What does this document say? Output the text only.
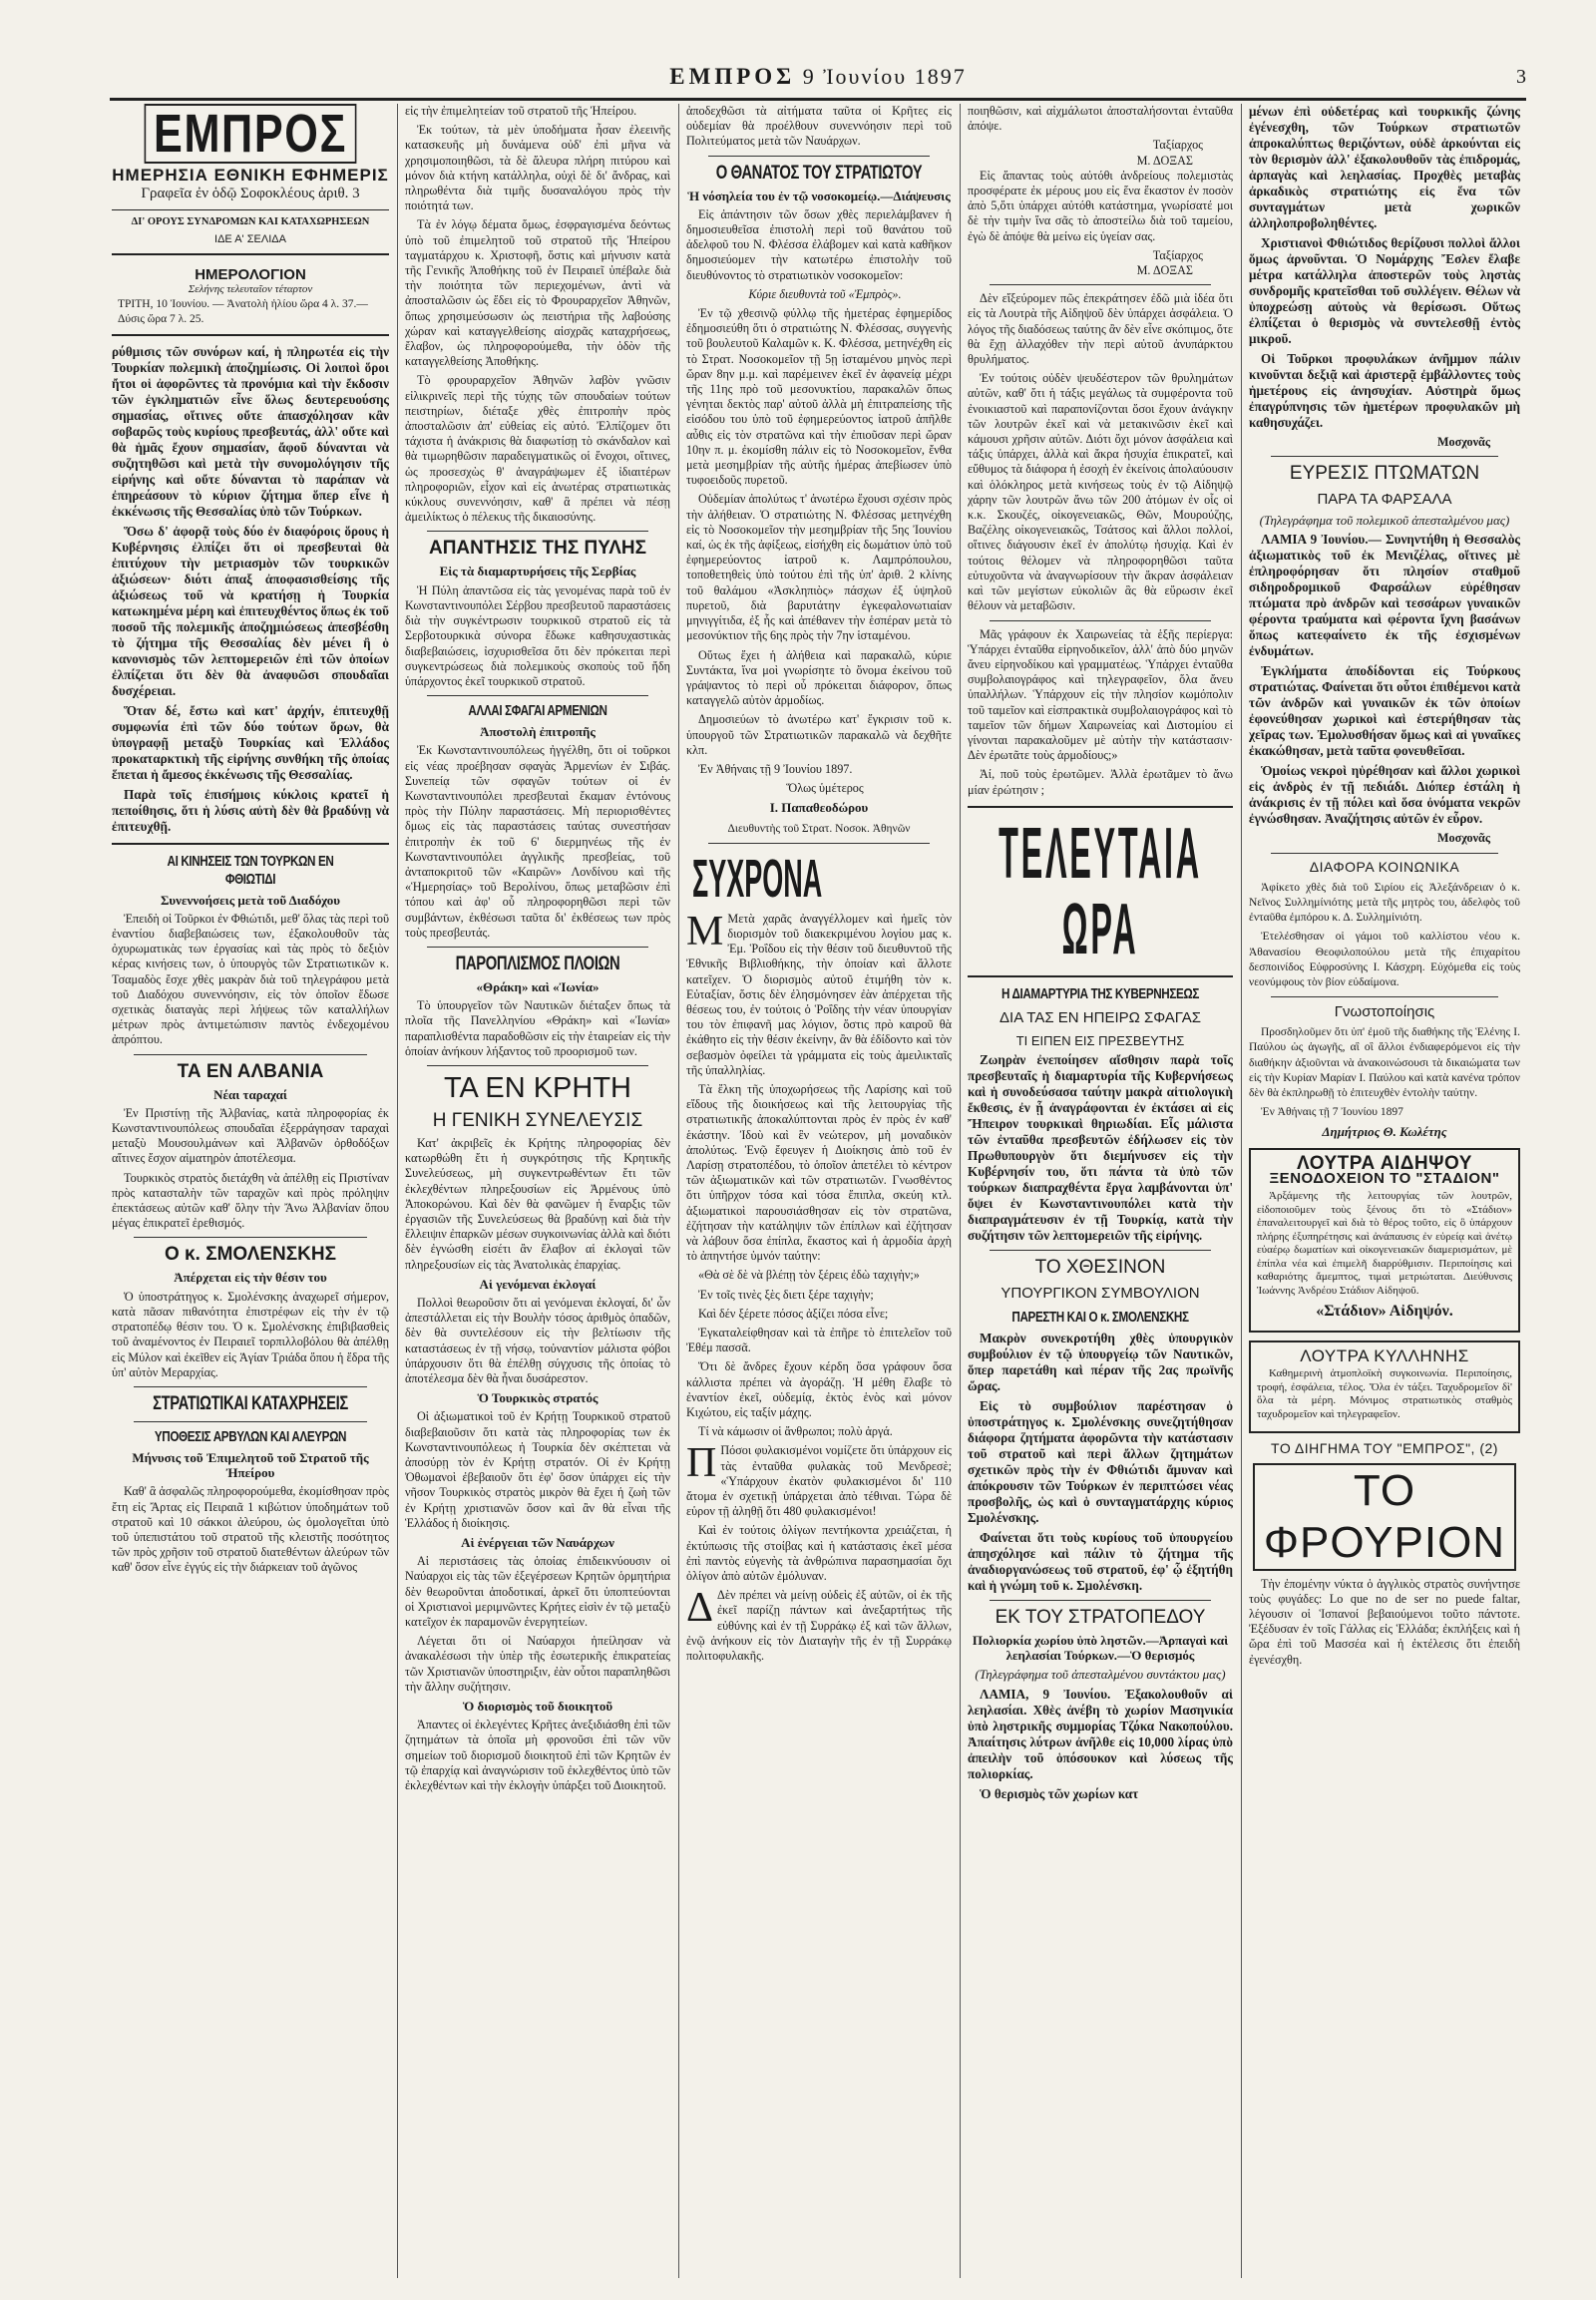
ΕΜΠΡΟΣ 9 Ἰουνίου 1897	3
ΕΜΠΡΟΣ
ΗΜΕΡΗΣΙΑ ΕΘΝΙΚΗ ΕΦΗΜΕΡΙΣ
Γραφεῖα ἐν ὁδῷ Σοφοκλέους ἀριθ. 3
ΔΙ' ΟΡΟΥΣ ΣΥΝΔΡΟΜΩΝ ΚΑΙ ΚΑΤΑΧΩΡΗΣΕΩΝ
ΙΔΕ Α' ΣΕΛΙΔΑ
ΗΜΕΡΟΛΟΓΙΟΝ
Σελήνης τελευταῖον τέταρτον
ΤΡΙΤΗ, 10 Ἰουνίου. — Ἀνατολὴ ἡλίου ὥρα 4 λ. 37.— Δύσις ὥρα 7 λ. 25.

ρύθμισις τῶν συνόρων καί, ἡ πληρωτέα εἰς τὴν Τουρκίαν πολεμικὴ ἀποζημίωσις. Οἱ λοιποὶ ὅροι ἤτοι οἱ ἀφορῶντες τὰ προνόμια καὶ τὴν ἔκδοσιν τῶν ἐγκληματιῶν εἶνε ὅλως δευτερευούσης σημασίας, οἵτινες οὔτε ἀπασχόλησαν κἂν σοβαρῶς τοὺς κυρίους πρεσβευτάς, ἀλλ' οὔτε καὶ θὰ ἡμᾶς ἔχουν σημασίαν, ἄφοῦ δύνανται νὰ συζητηθῶσι καὶ μετὰ τὴν συνομολόγησιν τῆς εἰρήνης καὶ οὔτε δύνανται τὸ παράπαν νὰ ἐπηρεάσουν τὸ κύριον ζήτημα ὅπερ εἶνε ἡ ἐκκένωσις τῆς Θεσσαλίας ὑπὸ τῶν Τούρκων.

Ὅσω δ' ἀφορᾷ τοὺς δύο ἐν διαφόροις ὅρους ἡ Κυβέρνησις ἐλπίζει ὅτι οἱ πρεσβευταὶ θὰ ἐπιτύχουν τὴν μετριασμὸν τῶν τουρκικῶν ἀξιώσεων· διότι ἀπαξ ἀποφασισθείσης τῆς ἀξιώσεως τοῦ νὰ κρατήσῃ ἡ Τουρκία κατωκημένα μέρη καὶ ἐπιτευχθέντος ὅπως ἐκ τοῦ ποσοῦ τῆς πολεμικῆς ἀποζημιώσεως ἀπεσβέσθη τὸ ζήτημα τῆς Θεσσαλίας δὲν μένει ἢ ὁ κανονισμὸς τῶν λεπτομερειῶν ἐπὶ τῶν ὁποίων ἐλπίζεται ὅτι δὲν θὰ ἀναφυῶσι σπουδαῖαι δυσχέρειαι.

Ὅταν δέ, ἔστω καὶ κατ' ἀρχήν, ἐπιτευχθῇ συμφωνία ἐπὶ τῶν δύο τούτων ὅρων, θὰ ὑπογραφῇ μεταξὺ Τουρκίας καὶ Ἑλλάδος προκαταρκτικὴ τῆς εἰρήνης συνθήκη τῆς ὁποίας ἕπεται ἡ ἄμεσος ἐκκένωσις τῆς Θεσσαλίας.

Παρὰ τοῖς ἐπισήμοις κύκλοις κρατεῖ ἡ πεποίθησις, ὅτι ἡ λύσις αὐτὴ δὲν θὰ βραδύνῃ νὰ ἐπιτευχθῇ.

ΑΙ ΚΙΝΗΣΕΙΣ ΤΩΝ ΤΟΥΡΚΩΝ ΕΝ ΦΘΙΩΤΙΔΙ
Συνεννοήσεις μετὰ τοῦ Διαδόχου

Ἐπειδὴ οἱ Τοῦρκοι ἐν Φθιώτιδι, μεθ' ὅλας τὰς περὶ τοῦ ἐναντίου διαβεβαιώσεις των, ἐξακολουθοῦν τὰς ὀχυρωματικὰς των ἐργασίας καὶ τὰς πρὸς τὸ δεξιὸν κέρας κινήσεις των, ὁ ὑπουργὸς τῶν Στρατιωτικῶν κ. Τσαμαδὸς ἔσχε χθὲς μακρὰν διὰ τοῦ τηλεγράφου μετὰ τοῦ Διαδόχου συνεννόησιν, εἰς τὸν ὁποῖον ἔδωσε σχετικὰς διαταγὰς περὶ λήψεως τῶν καταλλήλων μέτρων πρὸς ἀντιμετώπισιν παντὸς ἐνδεχομένου ἀπρόπτου.

ΤΑ ΕΝ ΑΛΒΑΝΙΑ
Νέαι ταραχαί

Ἐν Πριστίνῃ τῆς Ἀλβανίας, κατὰ πληροφορίας ἐκ Κωνσταντινουπόλεως σπουδαῖαι ἐξερράγησαν ταραχαὶ μεταξὺ Μουσουλμάνων καὶ Ἀλβανῶν ὀρθοδόξων αἵτινες ἔσχον αἱματηρὸν ἀποτέλεσμα.

Τουρκικὸς στρατὸς διετάχθη νὰ ἀπέλθῃ εἰς Πριστίναν πρὸς κατασταλὴν τῶν ταραχῶν καὶ πρὸς πρόληψιν ἐπεκτάσεως αὐτῶν καθ' ὅλην τὴν Ἄνω Ἀλβανίαν ὅπου μέγας ἐπικρατεῖ ἐρεθισμός.

Ο κ. ΣΜΟΛΕΝΣΚΗΣ
Ἀπέρχεται εἰς τὴν θέσιν του

Ὁ ὑποστράτηγος κ. Σμολένσκης ἀναχωρεῖ σήμερον, κατὰ πᾶσαν πιθανότητα ἐπιστρέφων εἰς τὴν ἐν τῷ στρατοπέδῳ θέσιν του. Ὁ κ. Σμολένσκης ἐπιβιβασθεὶς τοῦ ἀναμένοντος ἐν Πειραιεῖ τορπιλλοβόλου θὰ ἀπέλθῃ εἰς Μύλον καὶ ἐκεῖθεν εἰς Ἁγίαν Τριάδα ὅπου ἡ ἕδρα τῆς ὑπ' αὐτὸν Μεραρχίας.

ΣΤΡΑΤΙΩΤΙΚΑΙ ΚΑΤΑΧΡΗΣΕΙΣ
ΥΠΟΘΕΣΙΣ ΑΡΒΥΛΩΝ ΚΑΙ ΑΛΕΥΡΩΝ
Μήνυσις τοῦ Ἐπιμελητοῦ τοῦ Στρατοῦ τῆς Ἠπείρου

Καθ' ἃ ἀσφαλῶς πληροφορούμεθα, ἐκομίσθησαν πρὸς ἔτη εἰς Ἄρτας εἰς Πειραιᾶ 1 κιβώτιον ὑποδημάτων τοῦ στρατοῦ καὶ 10 σάκκοι ἀλεύρου, ὡς ὁμολογεῖται ὑπὸ τοῦ ὑπεπιστάτου τοῦ στρατοῦ τῆς κλειστῆς ποσότητος τῶν πρὸς χρῆσιν τοῦ στρατοῦ διατεθέντων ἀλεύρων τῶν καθ' ὅσον εἶνε ἐγγύς εἰς τὴν διάρκειαν τοῦ ἀγῶνος

εἰς τὴν ἐπιμελητείαν τοῦ στρατοῦ τῆς Ἠπείρου.

Ἐκ τούτων, τὰ μὲν ὑποδήματα ἦσαν ἐλεεινῆς κατασκευῆς μὴ δυνάμενα οὐδ' ἐπὶ μῆνα νὰ χρησιμοποιηθῶσι, τὰ δὲ ἄλευρα πλήρη πιτύρου καὶ μόνον διὰ κτήνη κατάλληλα, οὐχὶ δὲ δι' ἄνδρας, καὶ πληρωθέντα διὰ τιμῆς δυσαναλόγου πρὸς τὴν ποιότητά των.

Τὰ ἐν λόγῳ δέματα ὅμως, ἐσφραγισμένα δεόντως ὑπὸ τοῦ ἐπιμελητοῦ τοῦ στρατοῦ τῆς Ἠπείρου ταγματάρχου κ. Χριστοφῆ, ὅστις καὶ μήνυσιν κατὰ τῆς Γενικῆς Ἀποθήκης τοῦ ἐν Πειραιεῖ ὑπέβαλε διὰ τὴν ποιότητα τῶν περιεχομένων, ἀντὶ νὰ ἀποσταλῶσιν ὡς ἔδει εἰς τὸ Φρουραρχεῖον Ἀθηνῶν, ὅπως χρησιμεύσωσιν ὡς πειστήρια τῆς λαβούσης χώραν καὶ καταγγελθείσης αἰσχρᾶς καταχρήσεως, ἔλαβον, ὡς πληροφορούμεθα, τὴν ὁδὸν τῆς καταγγελθείσης Ἀποθήκης.

Τὸ φρουραρχεῖον Ἀθηνῶν λαβὸν γνῶσιν εἰλικρινεῖς περὶ τῆς τύχης τῶν σπουδαίων τούτων πειστηρίων, διέταξε χθὲς ἐπιτροπὴν πρὸς ἀποσταλῶσιν ἀπ' εὐθείας εἰς αὐτό. Ἐλπίζομεν ὅτι τάχιστα ἡ ἀνάκρισις θὰ διαφωτίσῃ τὸ σκάνδαλον καὶ θὰ τιμωρηθῶσιν παραδειγματικῶς οἱ ἔνοχοι, οἵτινες, ὡς προσεσχὼς θ' ἀναγράψωμεν ἐξ ἰδιαιτέρων πληροφοριῶν, εἶχον καὶ εἰς ἀνωτέρας στρατιωτικὰς κύκλους συνεννόησιν, καθ' ἃ πρέπει νὰ πέσῃ ἀμειλίκτως ὁ πέλεκυς τῆς δικαιοσύνης.

ΑΠΑΝΤΗΣΙΣ ΤΗΣ ΠΥΛΗΣ
Εἰς τὰ διαμαρτυρήσεις τῆς Σερβίας

Ἡ Πύλη ἀπαντῶσα εἰς τὰς γενομένας παρὰ τοῦ ἐν Κωνσταντινουπόλει Σέρβου πρεσβευτοῦ παραστάσεις διὰ τὴν συγκέντρωσιν τουρκικοῦ στρατοῦ εἰς τὰ Σερβοτουρκικὰ σύνορα ἔδωκε καθησυχαστικὰς διαβεβαιώσεις, ἰσχυρισθεῖσα ὅτι δὲν πρόκειται περὶ συγκεντρώσεως διὰ πολεμικοὺς σκοποὺς τοῦ ἤδη ὑπάρχοντος ἐκεῖ τουρκικοῦ στρατοῦ.

ΑΛΛΑΙ ΣΦΑΓΑΙ ΑΡΜΕΝΙΩΝ
Ἀποστολὴ ἐπιτροπῆς

Ἐκ Κωνσταντινουπόλεως ἠγγέλθη, ὅτι οἱ τοῦρκοι εἰς νέας προέβησαν σφαγὰς Ἀρμενίων ἐν Σιβάς. Συνεπείᾳ τῶν σφαγῶν τούτων οἱ ἐν Κωνσταντινουπόλει πρεσβευταὶ ἔκαμαν ἐντόνους πρὸς τὴν Πύλην παραστάσεις. Μὴ περιορισθέντες δμως εἰς τὰς παραστάσεις ταύτας συνεστήσαν ἐπιτροπὴν ἐκ τοῦ 6' διερμηνέως τῆς ἐν Κωνσταντινουπόλει ἀγγλικῆς πρεσβείας, τοῦ ἀνταποκριτοῦ τῶν «Καιρῶν» Λονδίνου καὶ τῆς «Ἡμερησίας» τοῦ Βερολίνου, ὅπως μεταβῶσιν ἐπὶ τόπου καὶ ἀφ' οὗ πληροφορηθῶσι περὶ τῶν συμβάντων, ἐκθέσωσι ταῦτα δι' ἐκθέσεως των πρὸς τοὺς πρεσβευτάς.

ΠΑΡΟΠΛΙΣΜΟΣ ΠΛΟΙΩΝ
«Θράκη» καὶ «Ἰωνία»

Τὸ ὑπουργεῖον τῶν Ναυτικῶν διέταξεν ὅπως τὰ πλοῖα τῆς Πανελληνίου «Θράκη» καὶ «Ἰωνία» παραπλισθέντα παραδοθῶσιν εἰς τὴν ἑταιρείαν εἰς τὴν ὁποίαν ἀνήκουν λήξαντος τοῦ προορισμοῦ των.

ΤΑ ΕΝ ΚΡΗΤΗ
Η ΓΕΝΙΚΗ ΣΥΝΕΛΕΥΣΙΣ

Κατ' ἀκριβεῖς ἐκ Κρήτης πληροφορίας δὲν κατωρθώθη ἔτι ἡ συγκρότησις τῆς Κρητικῆς Συνελεύσεως, μὴ συγκεντρωθέντων ἔτι τῶν ἐκλεχθέντων πληρεξουσίων εἰς Ἀρμένους ὑπὸ Ἀποκορώνου. Καὶ δὲν θὰ φανῶμεν ἡ ἔναρξις τῶν ἐργασιῶν τῆς Συνελεύσεως θὰ βραδύνῃ καὶ διὰ τὴν ἔλλειψιν ἐπαρκῶν μέσων συγκοινωνίας ἀλλὰ καὶ διότι δὲν ἐγνώσθη εἰσέτι ἂν ἔλαβον αἱ ἐκλογαὶ τῶν πληρεξουσίων εἰς τὰς Ἀνατολικὰς ἐπαρχίας.

Αἱ γενόμεναι ἐκλογαί

Πολλοὶ θεωροῦσιν ὅτι αἱ γενόμεναι ἐκλογαί, δι' ὧν ἀπεστάλλεται εἰς τὴν Βουλὴν τόσος ἀριθμὸς ὀπαδῶν, δὲν θὰ συντελέσουν εἰς τὴν βελτίωσιν τῆς καταστάσεως ἐν τῇ νήσῳ, τοὐναντίον μάλιστα φόβοι ὑπάρχουσιν ὅτι θὰ ἐπέλθῃ σύγχυσις τῆς ὁποίας τὸ ἀποτέλεσμα δὲν θὰ ἦναι δυσάρεστον.

Ὁ Τουρκικὸς στρατός

Οἱ ἀξιωματικοὶ τοῦ ἐν Κρήτῃ Τουρκικοῦ στρατοῦ διαβεβαιοῦσιν ὅτι κατὰ τὰς πληροφορίας των ἐκ Κωνσταντινουπόλεως ἡ Τουρκία δὲν σκέπτεται νὰ ἀποσύρῃ τὸν ἐν Κρήτῃ στρατόν. Οἱ ἐν Κρήτῃ Ὀθωμανοὶ ἐβεβαιοῦν ὅτι ἐφ' ὅσον ὑπάρχει εἰς τὴν νῆσον Τουρκικὸς στρατὸς μικρὸν θὰ ἔχει ἡ ζωὴ τῶν ἐν Κρήτῃ χριστιανῶν ὅσον καὶ ἂν θὰ εἶναι τῆς Ἑλλάδος ἡ διοίκησις.

Αἱ ἐνέργειαι τῶν Ναυάρχων

Αἱ περιστάσεις τὰς ὁποίας ἐπιδεικνύουσιν οἱ Ναύαρχοι εἰς τὰς τῶν ἐξεγέρσεων Κρητῶν ὁρμητήρια δὲν θεωροῦνται ἀποδοτικαί, ἀρκεῖ ὅτι ὑποπτεύονται οἱ Χριστιανοὶ μεριμνῶντες Κρήτες εἰσὶν ἐν τῷ μεταξὺ κατεῖχον ἐκ παραμονῶν ἐνεργητείων.

Λέγεται ὅτι οἱ Ναύαρχοι ἠπείλησαν νὰ ἀνακαλέσωσι τὴν ὑπὲρ τῆς ἐσωτερικῆς ἐπικρατείας τῶν Χριστιανῶν ὑποστηριξιν, ἐὰν οὗτοι παραπληθῶσι τὴν ἄλλην συζήτησιν.

Ὁ διορισμὸς τοῦ διοικητοῦ

Ἀπαντες οἱ ἐκλεγέντες Κρῆτες ἀνεξιδιάσθη ἐπὶ τῶν ζητημάτων τὰ ὁποῖα μὴ φρονοῦσι ἐπὶ τῶν νῦν σημείων τοῦ διορισμοῦ διοικητοῦ ἐπὶ τῶν Κρητῶν ἐν τῷ ἐπαρχίᾳ καὶ ἀναγνώρισιν τοῦ ἐκλεχθέντος ὑπὸ τῶν ἐκλεχθέντων καὶ τὴν ἐκλογὴν ὑπάρξει τοῦ Διοικητοῦ.

ἀποδεχθῶσι τὰ αἰτήματα ταῦτα οἱ Κρῆτες εἰς οὐδεμίαν θὰ προέλθουν συνεννόησιν περὶ τοῦ Πολιτεύματος μετὰ τῶν Ναυάρχων.

Ο ΘΑΝΑΤΟΣ ΤΟΥ ΣΤΡΑΤΙΩΤΟΥ
Ἡ νόσηλεία του ἐν τῷ νοσοκομείῳ.—Διάψευσις

Εἰς ἀπάντησιν τῶν ὅσων χθὲς περιελάμβανεν ἡ δημοσιευθεῖσα ἐπιστολὴ περὶ τοῦ θανάτου τοῦ ἀδελφοῦ του Ν. Φλέσσα ἐλάβομεν καὶ κατὰ καθῆκον δημοσιεύομεν τὴν κατωτέρω ἐπιστολὴν τοῦ διευθύνοντος τὸ στρατιωτικὸν νοσοκομεῖον:

Κύριε διευθυντὰ τοῦ «Ἐμπρὸς».

Ἐν τῷ χθεσινῷ φύλλῳ τῆς ἡμετέρας ἐφημερίδος ἐδημοσιεύθη ὅτι ὁ στρατιώτης Ν. Φλέσσας, συγγενὴς τοῦ βουλευτοῦ Καλαμῶν κ. Κ. Φλέσσα, μετηνέχθη εἰς τὸ Στρατ. Νοσοκομεῖον τῇ 5ῃ ἱσταμένου μηνὸς περὶ ὥραν 8ην μ.μ. καὶ παρέμεινεν ἐκεῖ ἐν ἀφανείᾳ μέχρι τῆς 11ης πρὸ τοῦ μεσονυκτίου, παρακαλῶν ὅπως γένηται δεκτὸς παρ' αὐτοῦ ἀλλὰ μὴ ἐπιτραπείσης τῆς εἰσόδου του ὑπὸ τοῦ ἐφημερεύοντος ἰατροῦ ἀπῆλθε αὖθις εἰς τὸν στρατῶνα καὶ τὴν ἐπιοῦσαν περὶ ὥραν 10ην π. μ. ἐκομίσθη πάλιν εἰς τὸ Νοσοκομεῖον, ἔνθα μετὰ μεσημβρίαν τῆς αὐτῆς ἡμέρας ἀπεβίωσεν ὑπὸ τυφοειδοῦς πυρετοῦ.

Οὐδεμίαν ἀπολύτως τ' ἀνωτέρω ἔχουσι σχέσιν πρὸς τὴν ἀλήθειαν. Ὁ στρατιώτης Ν. Φλέσσας μετηνέχθη εἰς τὸ Νοσοκομεῖον τὴν μεσημβρίαν τῆς 5ης Ἰουνίου καί, ὡς ἐκ τῆς ἀφίξεως, εἰσήχθη εἰς δωμάτιον ὑπὸ τοῦ ἐφημερεύοντος ἰατροῦ κ. Λαμπρόπουλου, τοποθετηθεὶς ὑπὸ τούτου ἐπὶ τῆς ὑπ' ἀριθ. 2 κλίνης τοῦ θαλάμου «Ἀσκληπιὸς» πάσχων ἐξ ὑψηλοῦ πυρετοῦ, διὰ βαρυτάτην ἐγκεφαλονωτιαίαν μηνιγγίτιδα, ἐξ ἧς καὶ ἀπέθανεν τὴν ἑσπέραν μετὰ τὸ μεσονύκτιον τῆς 6ης πρὸς τὴν 7ην ἱσταμένου.

Οὕτως ἔχει ἡ ἀλήθεια καὶ παρακαλῶ, κύριε Συντάκτα, ἵνα μοὶ γνωρίσητε τὸ ὄνομα ἐκείνου τοῦ γράψαντος τὸ περὶ οὗ πρόκειται διάφορον, ὅπως καταγγελῶ αὐτὸν ἀρμοδίως.

Δημοσιεύων τὸ ἀνωτέρω κατ' ἔγκρισιν τοῦ κ. ὑπουργοῦ τῶν Στρατιωτικῶν παρακαλῶ νὰ δεχθῆτε κλπ.

Ἐν Ἀθήναις τῇ 9 Ἰουνίου 1897.

Ὅλως ὑμέτερος

Ι. Παπαθεοδώρου
Διευθυντὴς τοῦ Στρατ. Νοσοκ. Ἀθηνῶν
ΣΥΧΡΟΝΑ

Μ Μετὰ χαρᾶς ἀναγγέλλομεν καὶ ἡμεῖς τὸν διορισμὸν τοῦ διακεκριμένου λογίου μας κ. Ἐμ. Ῥοΐδου εἰς τὴν θέσιν τοῦ διευθυντοῦ τῆς Ἐθνικῆς Βιβλιοθήκης, τὴν ὁποίαν καὶ ἄλλοτε κατεῖχεν. Ὁ διορισμὸς αὐτοῦ ἐτιμήθη τὸν κ. Εὐταξίαν, ὅστις δὲν ἐλησμόνησεν ἐὰν ἀπέρχεται τῆς θέσεως του, ἐν τούτοις ὁ Ῥοΐδης τὴν νέαν ὑπουργίαν του τὸν ἐπιφανῆ μας λόγιον, ὅστις πρὸ καιροῦ θὰ ἐκάθητο εἰς τὴν θέσιν ἐκείνην, ἂν θὰ ἐδίδοντο καὶ τὸν σεβασμὸν ὀφείλει τὰ γράμματα εἰς τοὺς ἀμειλικταῖς τῆς ὑπαλληλίας.

Τὰ ἔλκη τῆς ὑποχωρήσεως τῆς Λαρίσης καὶ τοῦ εἴδους τῆς διοικήσεως καὶ τῆς λειτουργίας τῆς στρατιωτικῆς ἀποκαλύπτονται πρὸς ἐν πρὸς ἐν καθ' ἑκάστην. Ἰδοὺ καὶ ἓν νεώτερον, μὴ μοναδικὸν ἀπολύτως. Ἐνῷ ἔφευγεν ἡ Διοίκησις ἀπὸ τοῦ ἐν Λαρίσῃ στρατοπέδου, τὸ ὁποῖον ἀπετέλει τὸ κέντρον τῶν ἀξιωματικῶν καὶ τῶν στρατιωτῶν. Γνωσθέντος ὅτι ὑπῆρχον τόσα καὶ τόσα ἔπιπλα, σκεύη κτλ. ἀξιωματικοὶ παρουσιάσθησαν εἰς τὸν στρατῶνα, ἐζήτησαν τὴν κατάληψιν τῶν ἐπίπλων καὶ ἐζήτησαν νὰ λάβουν ὅσα ἐπίπλα, ἕκαστος καὶ ἡ ἀρμοδία ἀρχὴ τὸ ἀπηντήσε ὑμνόν ταύτην:

«Θὰ σὲ δὲ νὰ βλέπῃ τὸν ξέρεις ἐδὼ ταχιγὴν;»

Ἐν τοῖς τινὲς ξὲς διετι ξέρε ταχιγὴν;

Καὶ δέν ξέρετε πόσος ἀξίζει πόσα εἶνε;

Ἐγκαταλείφθησαν καὶ τὰ ἐπῆρε τὸ ἐπιτελεῖον τοῦ Ἐθέμ πασσᾶ.

Ὅτι δὲ ἄνδρες ἔχουν κέρδη ὅσα γράφουν ὅσα κάλλιστα πρέπει νὰ ἀγοράζῃ. Ἡ μέθη ἔλαβε τὸ ἐναντίον ἐκεῖ, οὐδεμίᾳ, ἐκτὸς ἑνὸς καὶ μόνον Κιχώτου, εἰς ταξίν μάχης.

Τί νὰ κάμωσιν οἱ ἄνθρωποι; πολὺ ἀργά.

Π Πόσοι φυλακισμένοι νομίζετε ὅτι ὑπάρχουν εἰς τὰς ἐνταῦθα φυλακὰς τοῦ Μενδρεσὲ; «Ὑπάρχουν ἐκατὸν φυλακισμένοι δι' 110 ἄτομα ἐν σχετικῇ ὑπάρχεται ἀπὸ τέθιναι. Τώρα δὲ εὑρον τῇ ἀληθῇ ὅτι 480 φυλακισμένοι!

Καὶ ἐν τούτοις ὀλίγων πεντήκοντα χρειάζεται, ἡ ἐκτύπωσις τῆς στοίβας καὶ ἡ κατάστασις ἐκεῖ μέσα ἐπὶ παντὸς εὐγενὴς τὰ ἀνθρώπινα παρασημασίαι ὄχι ὀλίγον ἀπὸ αὐτῶν ἐμόλυναν.

Δ Δὲν πρέπει νὰ μείνῃ οὐδεὶς ἐξ αὐτῶν, οἱ ἐκ τῆς ἐκεῖ παρίζῃ πάντων καὶ ἀνεξαρτήτως τῆς εὐθύνης καὶ ἐν τῇ Συρράκῳ ἐξ καὶ τῶν ἄλλων, ἐνῷ ἀνήκουν εἰς τὸν Διαταγὴν τῆς ἐν τῇ Συρράκῳ πολιτοφυλακῆς.

ποιηθῶσιν, καὶ αἰχμάλωτοι ἀποσταλήσονται ἐνταῦθα ἀπόψε.

Ταξίαρχος
Μ. ΔΟΞΑΣ

Εἰς ἅπαντας τοὺς αὐτόθι ἀνδρείους πολεμιστὰς προσφέρατε ἐκ μέρους μου εἰς ἕνα ἕκαστον ἐν ποσὸν ἀπὸ 5,ὅτι ὑπάρχει αὐτόθι κατάστημα, γνωρίσατέ μοι δὲ τὴν τιμὴν ἵνα σᾶς τὸ ἀποστείλω διὰ τοῦ ταμείου, ἐγὼ δὲ ἀπόψε θὰ μείνω εἰς ὑγείαν σας.

Ταξίαρχος
Μ. ΔΟΞΑΣ

Δὲν εἴξεύρομεν πῶς ἐπεκράτησεν ἐδῶ μιὰ ἰδέα ὅτι εἰς τὰ Λουτρὰ τῆς Αἰδηψοῦ δὲν ὑπάρχει ἀσφάλεια. Ὁ λόγος τῆς διαδόσεως ταύτης ἂν δὲν εἶνε σκόπιμος, ὅτε θὰ ἔχῃ ἀλλαχόθεν τὴν περὶ αὐτοῦ ἀνυπάρκτου θρυλήματος.

Ἐν τούτοις οὐδὲν ψευδέστερον τῶν θρυλημάτων αὐτῶν, καθ' ὅτι ἡ τάξις μεγάλως τὰ συμφέροντα τοῦ ἐνοικιαστοῦ καὶ παραπονίζονται ὅσοι ἔχουν ἀνάγκην τῶν λουτρῶν ἐκεῖ καὶ νὰ μετακινῶσιν ἐκεῖ καὶ κάμουσι χρῆσιν αὐτῶν. Διότι ὄχι μόνον ἀσφάλεια καὶ τάξις ὑπάρχει, ἀλλὰ καὶ ἄκρα ἡσυχία ἐπικρατεῖ, καὶ εὔθυμος τὰ διάφορα ἡ ἐσοχὴ ἐν ἐκείνοις ἀπολαύουσιν καὶ ὁλόκληρος μετὰ κινήσεως τοὺς ἐν τῷ Αἰδηψῷ χάρην τῶν λουτρῶν ἄνω τῶν 200 ἀτόμων ἐν οἷς οἱ κ.κ. Σκουζές, οἰκογενειακῶς, Θῶν, Μουρούζης, Βαζέλης οἰκογενειακῶς, Τσάτσος καὶ ἄλλοι πολλοί, οἵτινες διάγουσιν ἐκεῖ ἐν ἀπολύτῳ ἡσυχίᾳ. Καὶ ἐν τούτοις θέλομεν νὰ πληροφορηθῶσι ταῦτα εὐτυχοῦντα νὰ ἀναγνωρίσουν τὴν ἄκραν ἀσφάλειαν καὶ τῶν μεγίστων εὐκολιῶν ἃς θὰ εὕρωσιν ἐκεῖ θέλουν νὰ μεταβῶσιν.

Μᾶς γράφουν ἐκ Χαιρωνείας τὰ ἑξῆς περίεργα: Ὑπάρχει ἐνταῦθα εἰρηνοδικεῖον, ἀλλ' ἀπὸ δύο μηνῶν ἄνευ εἰρηνοδίκου καὶ γραμματέως. Ὑπάρχει ἐνταῦθα συμβολαιογράφος καὶ τηλεγραφεῖον, ὅλα ἄνευ ὑπαλλήλων. Ὑπάρχουν εἰς τὴν πλησίον κωμόπολιν τοῦ ταμεῖον καὶ εἰσπρακτικὰ συμβολαιογράφος καὶ τὸ ταμεῖον τῶν δήμων Χαιρωνείας καὶ Διστομίου εἰ γίνονται παρακαλοῦμεν μὲ αὐτὴν τὴν κατάστασιν· Δὲν ἐρωτᾶτε τοὺς ἁρμοδίους;»

Ἀί, ποῦ τοὺς ἐρωτῶμεν. Ἀλλὰ ἐρωτᾶμεν τὸ ἄνω μίαν ἐρώτησιν ;

ΤΕΛΕΥΤΑΙΑ ΩΡΑ
Η ΔΙΑΜΑΡΤΥΡΙΑ ΤΗΣ ΚΥΒΕΡΝΗΣΕΩΣ
ΔΙΑ ΤΑΣ ΕΝ ΗΠΕΙΡΩ ΣΦΑΓΑΣ
ΤΙ ΕΙΠΕΝ ΕΙΣ ΠΡΕΣΒΕΥΤΗΣ

Ζωηρὰν ἐνεποίησεν αἴσθησιν παρὰ τοῖς πρεσβευταῖς ἡ διαμαρτυρία τῆς Κυβερνήσεως καὶ ἡ συνοδεύσασα ταύτην μακρὰ αἰτιολογικὴ ἔκθεσις, ἐν ᾗ ἀναγράφονται ἐν ἐκτάσει αἱ εἰς Ἤπειρον τουρκικαὶ θηριωδίαι. Εἷς μάλιστα τῶν ἐνταῦθα πρεσβευτῶν ἐδήλωσεν εἰς τὸν Πρωθυπουργὸν ὅτι διεμήνυσεν εἰς τὴν Κυβέρνησίν του, ὅτι πάντα τὰ ὑπὸ τῶν τούρκων διαπραχθέντα ἔργα λαμβάνονται ὑπ' ὄψει ἐν Κωνσταντινουπόλει κατὰ τὴν διαπραγμάτευσιν ἐν τῇ Τουρκίᾳ, κατὰ τὴν συζήτησιν τῶν λεπτομερειῶν τῆς εἰρήνης.

ΤΟ ΧΘΕΣΙΝΟΝ
ΥΠΟΥΡΓΙΚΟΝ ΣΥΜΒΟΥΛΙΟΝ
ΠΑΡΕΣΤΗ ΚΑΙ Ο κ. ΣΜΟΛΕΝΣΚΗΣ

Μακρὸν συνεκροτήθη χθὲς ὑπουργικὸν συμβούλιον ἐν τῷ ὑπουργείῳ τῶν Ναυτικῶν, ὅπερ παρετάθη καὶ πέραν τῆς 2ας πρωϊνῆς ὥρας.

Εἰς τὸ συμβούλιον παρέστησαν ὁ ὑποστράτηγος κ. Σμολένσκης συνεζητήθησαν διάφορα ζητήματα ἀφορῶντα τὴν κατάστασιν τοῦ στρατοῦ καὶ περὶ ἄλλων ζητημάτων σχετικῶν πρὸς τὴν ἐν Φθιώτιδι ἄμυναν καὶ ἀπόκρουσιν τῶν Τούρκων ἐν περιπτώσει νέας προσβολῆς, ὡς καὶ ὁ συνταγματάρχης κύριος Σμολένσκης.

Φαίνεται ὅτι τοὺς κυρίους τοῦ ὑπουργείου ἀπησχόλησε καὶ πάλιν τὸ ζήτημα τῆς ἀναδιοργανώσεως τοῦ στρατοῦ, ἐφ' ᾧ ἐξητήθη καὶ ἡ γνώμη τοῦ κ. Σμολένσκη.

ΕΚ ΤΟΥ ΣΤΡΑΤΟΠΕΔΟΥ
Πολιορκία χωρίου ὑπὸ ληστῶν.—Ἀρπαγαὶ καὶ λεηλασίαι Τούρκων.—Ὁ θερισμός
(Τηλεγράφημα τοῦ ἀπεσταλμένου συντάκτου μας)

ΛΑΜΙΑ, 9 Ἰουνίου. Ἐξακολουθοῦν αἱ λεηλασίαι. Χθὲς ἀνέβη τὸ χωρίον Μασηνικία ὑπὸ ληστρικῆς συμμορίας Τζόκα Νακοπούλου. Ἀπαίτησις λύτρων ἀνῆλθε εἰς 10,000 λίρας ὑπὸ ἀπειλὴν τοῦ ὁπόσουκον καὶ λύσεως τῆς πολιορκίας.

Ὁ θερισμὸς τῶν χωρίων κατ

μένων ἐπὶ οὐδετέρας καὶ τουρκικῆς ζώνης ἐγένεσχθη, τῶν Τούρκων στρατιωτῶν ἀπροκαλύπτως θεριζόντων, οὐδὲ ἀρκούνται εἰς τὸν θερισμὸν ἀλλ' ἐξακολουθοῦν τὰς ἐπιδρομάς, ἁρπαγὰς καὶ λεηλασίας. Προχθὲς μεταβὰς ἀρκαδικὸς στρατιώτης εἰς ἕνα τῶν συνταγμάτων μετὰ χωρικῶν ἀλληλοπροβοληθέντες.

Χριστιανοὶ Φθιώτιδος θερίζουσι πολλοὶ ἄλλοι ὅμως ἀρνοῦνται. Ὁ Νομάρχης Ἔσλεν ἔλαβε μέτρα κατάλληλα ἀποστερῶν τοὺς ληστὰς συνδρομῆς κρατεῖσθαι τοῦ συλλέγειν. Θέλων νὰ ὑποχρεώσῃ αὐτοὺς νὰ θερίσωσι. Οὕτως ἐλπίζεται ὁ θερισμὸς νὰ συντελεσθῇ ἐντὸς μικροῦ.

Οἱ Τοῦρκοι προφυλάκων ἀνῆμμον πάλιν κινοῦνται δεξιᾷ καὶ ἀριστερᾷ ἐμβάλλοντες τοὺς ἡμετέρους εἰς ἀνησυχίαν. Αὐστηρὰ ὅμως ἐπαγρύπνησις τῶν ἡμετέρων προφυλακῶν μὴ καθησυχάζει.

Μοσχονᾶς
ΕΥΡΕΣΙΣ ΠΤΩΜΑΤΩΝ
ΠΑΡΑ ΤΑ ΦΑΡΣΑΛΑ
(Τηλεγράφημα τοῦ πολεμικοῦ ἀπεσταλμένου μας)

ΛΑΜΙΑ 9 Ἰουνίου.— Συνηντήθη ἡ Θεσσαλὸς ἀξιωματικὸς τοῦ ἐκ Μενιζέλας, οἵτινες μὲ ἐπληροφόρησαν ὅτι πλησίον σταθμοῦ σιδηροδρομικοῦ Φαρσάλων εὑρέθησαν πτώματα πρὸ ἀνδρῶν καὶ τεσσάρων γυναικῶν φέροντα τραύματα καὶ φέροντα ἴχνη βασάνων ὅπως κατεφαίνετο ἐκ τῆς ἐσχισμένων ἐνδυμάτων.

Ἐγκλήματα ἀποδίδονται εἰς Τούρκους στρατιώτας. Φαίνεται ὅτι οὗτοι ἐπιθέμενοι κατὰ τῶν ἀνδρῶν καὶ γυναικῶν ἐκ τῶν ὁποίων ἐφονεύθησαν χωρικοὶ καὶ ἐστερήθησαν τὰς χεῖρας των. Ἐμολυσθήσαν ὅμως καὶ αἱ γυναῖκες ἐκακώθησαν, μετὰ ταῦτα φονευθεῖσαι.

Ὁμοίως νεκροὶ ηὑρέθησαν καὶ ἄλλοι χωρικοὶ εἰς ἀνδρὸς ἐν τῇ πεδιάδι. Διόπερ ἐστάλη ἡ ἀνάκρισις ἐν τῇ πόλει καὶ ὅσα ὀνόματα νεκρῶν ἐγνώσθησαν. Ἀναζήτησις αὐτῶν ἐν εὗρον.

Μοσχονᾶς
ΔΙΑΦΟΡΑ ΚΟΙΝΩΝΙΚΑ

Ἀφίκετο χθὲς διὰ τοῦ Σιρίου εἰς Ἀλεξάνδρειαν ὁ κ. Νεῖνος Συλλημίνιότης μετὰ τῆς μητρὸς του, ἀδελφὸς τοῦ ἐνταῦθα ἐμπόρου κ. Δ. Συλλημίνιότη.

Ἐτελέσθησαν οἱ γάμοι τοῦ καλλίστου νέου κ. Ἀθανασίου Θεοφιλοπούλου μετὰ τῆς ἐπιχαρίτου δεσποινίδος Εὐφροσύνης Ι. Κάσχρη. Εὐχόμεθα εἰς τοὺς νεονύμφους τὸν βίον εὐδαίμονα.

Γνωστοποίησις

Προσδηλοῦμεν ὅτι ὑπ' ἐμοῦ τῆς διαθήκης τῆς Ἑλένης Ι. Παύλου ὡς ἀγωγῆς, αἳ οἳ ἄλλοι ἐνδιαφερόμενοι εἰς τὴν διαθήκην ἀξιοῦνται νὰ ἀνακοινώσουσι τὰ δικαιώματα των εἰς τὴν Κυρίαν Μαρίαν Ι. Παύλου καὶ κατὰ κανένα τρόπον δὲν θὰ ἐκπληρωθῇ τὸ ἐπιτευχθὲν ἐντολὴν ταύτην.

Ἐν Ἀθήναις τῇ 7 Ἰουνίου 1897

Δημήτριος Θ. Κωλέτης
ΛΟΥΤΡΑ ΑΙΔΗΨΟΥ
ΞΕΝΟΔΟΧΕΙΟΝ ΤΟ "ΣΤΑΔΙΟΝ"

Ἀρξάμενης τῆς λειτουργίας τῶν λουτρῶν, εἰδοποιοῦμεν τοὺς ξένους ὅτι τὸ «Στάδιον» ἐπαναλειτουργεῖ καὶ διὰ τὸ θέρος τοῦτο, εἰς ὃ ὑπάρχουν πλήρης ἐξυπηρέτησις καὶ ἀνάπαυσις ἐν εὐρείᾳ καὶ ἀνέτῳ εὐαέρῳ δωματίων καὶ οἰκογενειακῶν διαμερισμάτων, μὲ ἐπίπλα νέα καὶ ἐπιμελῆ διαρρύθμισιν. Περιποίησις καὶ καθαριότης ἄμεμπτος, τιμαὶ μετριώταται. Διεύθυνσις Ἰωάννης Ἀνδρέου Στάδιον Αἰδηψοῦ.

«Στάδιον» Αἰδηψόν.
ΛΟΥΤΡΑ ΚΥΛΛΗΝΗΣ

Καθημερινὴ ἀτμοπλοϊκὴ συγκοινωνία. Περιποίησις, τροφή, ἐσφάλεια, τέλος. Ὅλα ἐν τάξει. Ταχυδρομεῖον δὶ' ὅλα τὰ μέρη. Μόνιμος στρατιωτικὸς σταθμὸς ταχυδρομεῖον καὶ τηλεγραφεῖον.

ΤΟ ΔΙΗΓΗΜΑ ΤΟΥ "ΕΜΠΡΟΣ", (2)
ΤΟ ΦΡΟΥΡΙΟΝ

Τὴν ἐπομένην νύκτα ὁ ἀγγλικὸς στρατὸς συνήντησε τοὺς φυγάδες: Lo que no de ser no puede faltar, λέγουσιν οἱ Ἱσπανοί βεβαιούμενοι τοῦτο πάντοτε. Ἐξέδυσαν ἐν τοῖς Γάλλας εἰς Ἑλλάδα; ἐκπλήξεις καὶ ἡ ὥρα ἐπὶ τοῦ Μασσέα καὶ ἡ ἐκτέλεσις ὅτι ἐπειδὴ ἐγενέσχθη.
